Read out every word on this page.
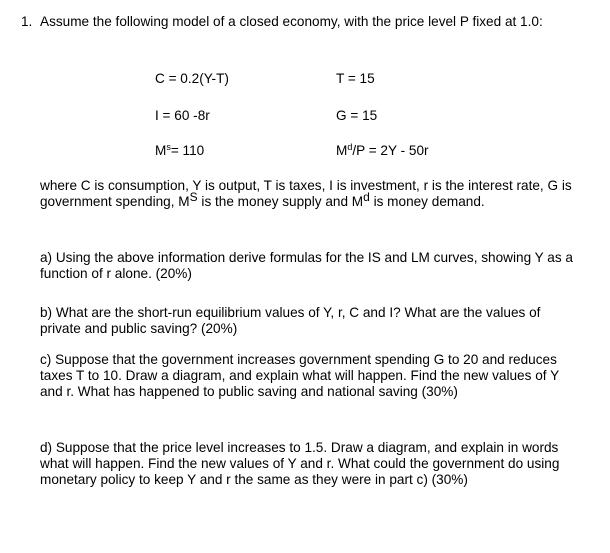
1. Assume the following model of a closed economy, with the price level P fixed at 1.0:
C = 0.2(Y-T)	T = 15
I = 60 -8r	G = 15
$M^s= 110$	$M^d/P = 2Y - 50r$
where C is consumption, Y is output, T is taxes, I is investment, r is the interest rate, G is government spending, $M^S$ is the money supply and $M^d$ is money demand.
a) Using the above information derive formulas for the IS and LM curves, showing Y as a function of r alone. (20%)
b) What are the short-run equilibrium values of Y, r, C and I? What are the values of private and public saving? (20%)
c) Suppose that the government increases government spending G to 20 and reduces taxes T to 10. Draw a diagram, and explain what will happen. Find the new values of Y and r. What has happened to public saving and national saving (30%)
d) Suppose that the price level increases to 1.5. Draw a diagram, and explain in words what will happen. Find the new values of Y and r. What could the government do using monetary policy to keep Y and r the same as they were in part c) (30%)
